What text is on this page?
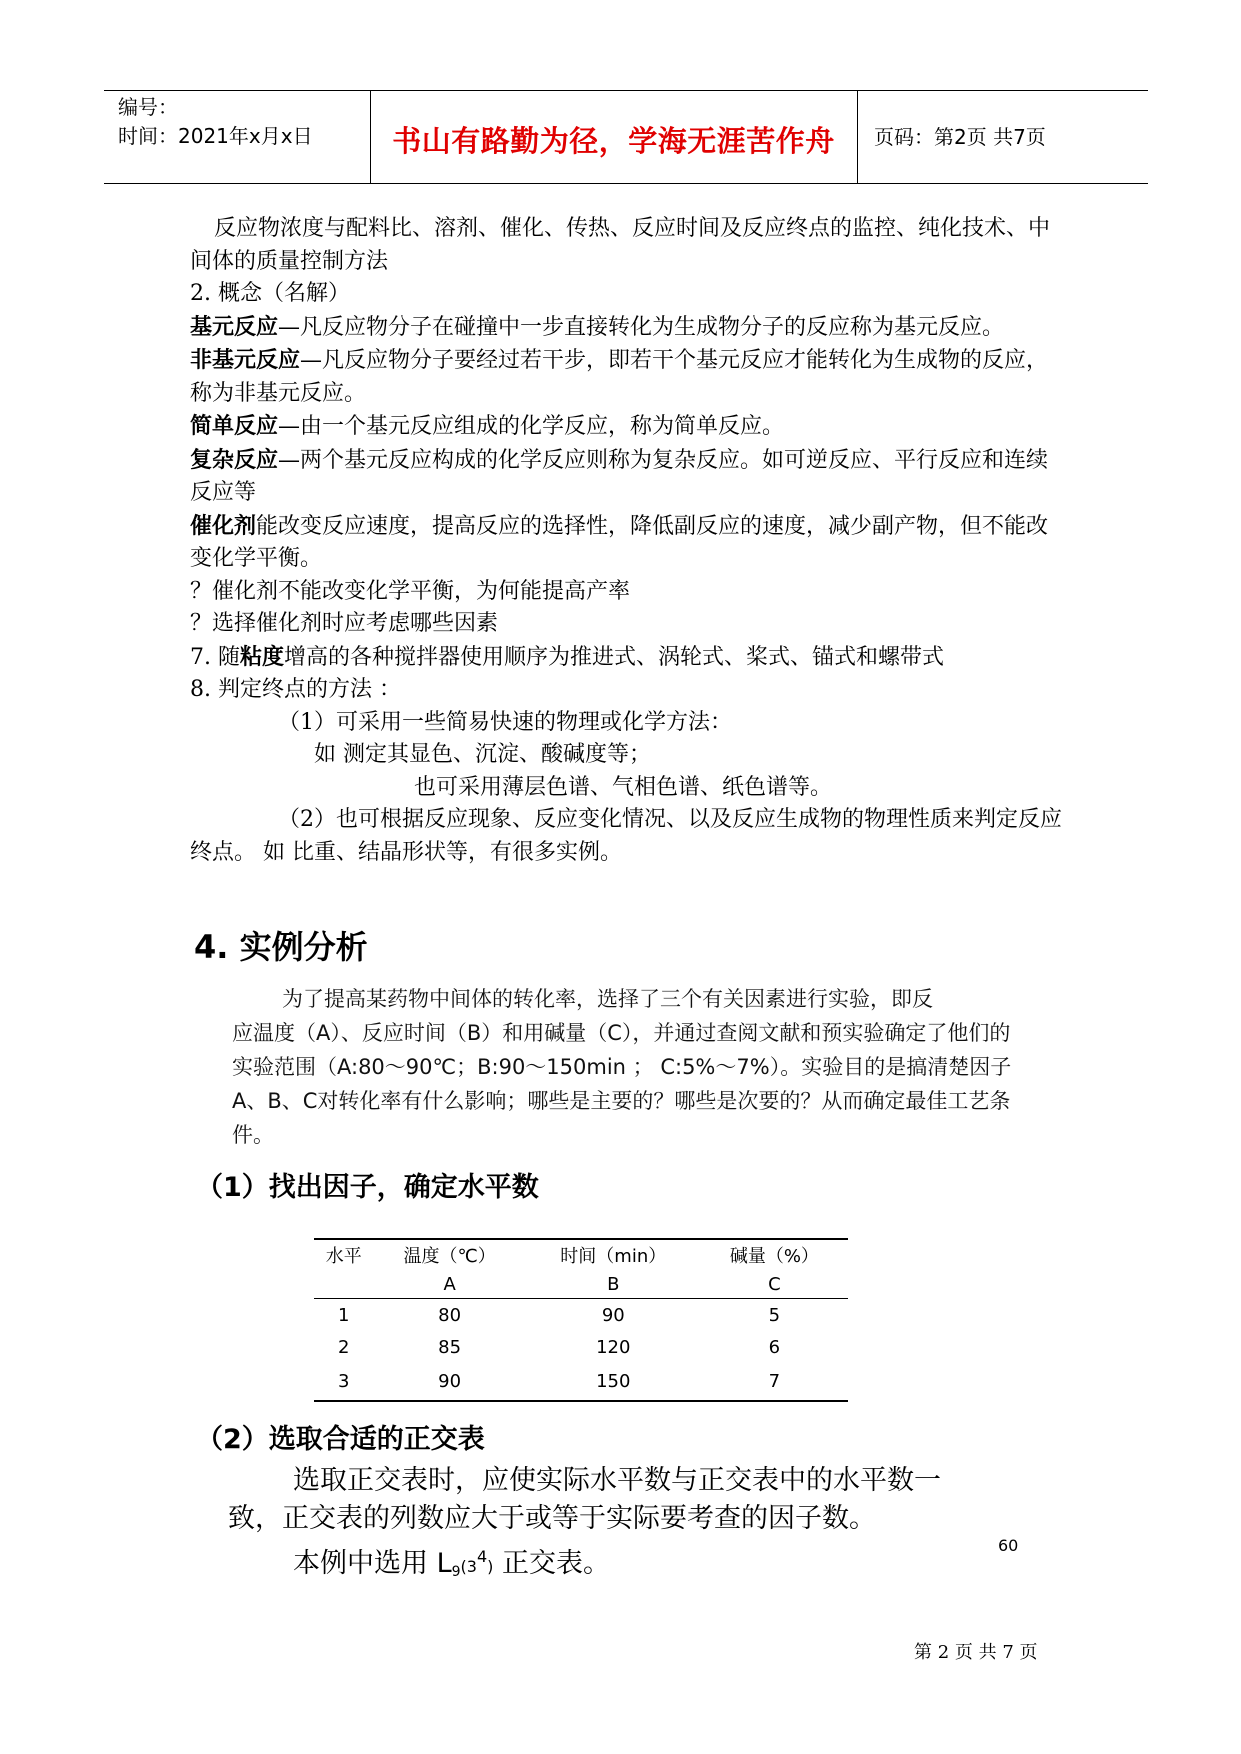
编号：
时间：2021年x月x日	书山有路勤为径，学海无涯苦作舟	页码：第2页 共7页

反应物浓度与配料比、溶剂、催化、传热、反应时间及反应终点的监控、纯化技术、中间体的质量控制方法

2. 概念（名解）

基元反应—凡反应物分子在碰撞中一步直接转化为生成物分子的反应称为基元反应。

非基元反应—凡反应物分子要经过若干步，即若干个基元反应才能转化为生成物的反应，称为非基元反应。

简单反应—由一个基元反应组成的化学反应，称为简单反应。

复杂反应—两个基元反应构成的化学反应则称为复杂反应。如可逆反应、平行反应和连续反应等

催化剂能改变反应速度，提高反应的选择性，降低副反应的速度，减少副产物，但不能改变化学平衡。

？催化剂不能改变化学平衡，为何能提高产率

？选择催化剂时应考虑哪些因素

7. 随粘度增高的各种搅拌器使用顺序为推进式、涡轮式、桨式、锚式和螺带式

8. 判定终点的方法 ：

（1）可采用一些简易快速的物理或化学方法：

如 测定其显色、沉淀、酸碱度等；

也可采用薄层色谱、气相色谱、纸色谱等。

（2）也可根据反应现象、反应变化情况、以及反应生成物的物理性质来判定反应终点。 如 比重、结晶形状等，有很多实例。

4. 实例分析
为了提高某药物中间体的转化率，选择了三个有关因素进行实验，即反
应温度（A）、反应时间（B）和用碱量（C），并通过查阅文献和预实验确定了他们的实验范围（A:80～90℃；B:90～150min ； C:5%～7%）。实验目的是搞清楚因子A、B、C对转化率有什么影响；哪些是主要的？哪些是次要的？从而确定最佳工艺条件。
（1）找出因子，确定水平数
水平	温度（℃）	时间（min）	碱量（%）
	A	B	C
1	80	90	5
2	85	120	6
3	90	150	7
（2）选取合适的正交表
选取正交表时，应使实际水平数与正交表中的水平数一
致，正交表的列数应大于或等于实际要考查的因子数。
本例中选用 $L9(3^4)$ 正交表。
60
第 2 页 共 7 页
